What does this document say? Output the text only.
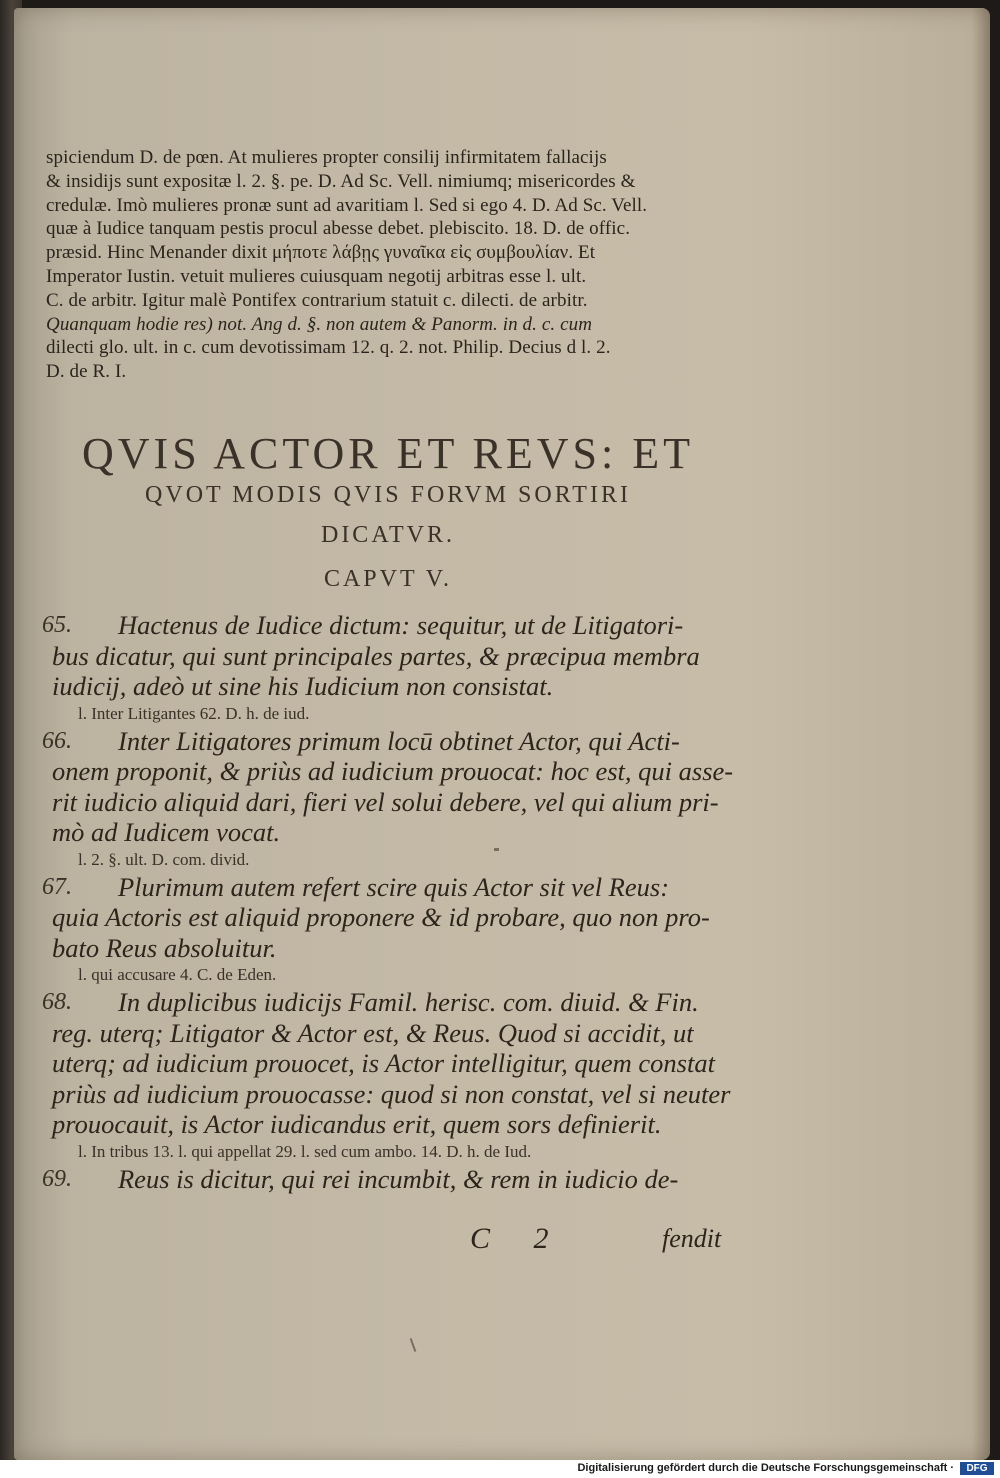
spiciendum D. de pœn. At mulieres propter consilij infirmitatem fallacijs
& insidijs sunt expositæ l. 2. §. pe. D. Ad Sc. Vell. nimiumq; misericordes &
credulæ. Imò mulieres pronæ sunt ad avaritiam l. Sed si ego 4. D. Ad Sc. Vell.
quæ à Iudice tanquam pestis procul abesse debet. plebiscito. 18. D. de offic.
præsid. Hinc Menander dixit μήποτε λάβῃς γυναῖκα εἰς συμβουλίαν. Et
Imperator Iustin. vetuit mulieres cuiusquam negotij arbitras esse l. ult.
C. de arbitr. Igitur malè Pontifex contrarium statuit c. dilecti. de arbitr.
Quanquam hodie res) not. Ang d. §. non autem & Panorm. in d. c. cum
dilecti glo. ult. in c. cum devotissimam 12. q. 2. not. Philip. Decius d l. 2.
D. de R. I.
QVIS ACTOR ET REVS: ET
QVOT MODIS QVIS FORVM SORTIRI
DICATVR.
CAPVT V.
65. Hactenus de Iudice dictum: sequitur, ut de Litigatori-
bus dicatur, qui sunt principales partes, & præcipua membra
iudicij, adeò ut sine his Iudicium non consistat.
l. Inter Litigantes 62. D. h. de iud.
66. Inter Litigatores primum locū obtinet Actor, qui Acti-
onem proponit, & priùs ad iudicium prouocat: hoc est, qui asse-
rit iudicio aliquid dari, fieri vel solui debere, vel qui alium pri-
mò ad Iudicem vocat.
l. 2. §. ult. D. com. divid.
67. Plurimum autem refert scire quis Actor sit vel Reus:
quia Actoris est aliquid proponere & id probare, quo non pro-
bato Reus absoluitur.
l. qui accusare 4. C. de Eden.
68. In duplicibus iudicijs Famil. herisc. com. diuid. & Fin.
reg. uterq; Litigator & Actor est, & Reus. Quod si accidit, ut
uterq; ad iudicium prouocet, is Actor intelligitur, quem constat
priùs ad iudicium prouocasse: quod si non constat, vel si neuter
prouocauit, is Actor iudicandus erit, quem sors definierit.
l. In tribus 13. l. qui appellat 29. l. sed cum ambo. 14. D. h. de Iud.
69. Reus is dicitur, qui rei incumbit, & rem in iudicio de-
C 2	fendit
Digitalisierung gefördert durch die Deutsche Forschungsgemeinschaft ·	DFG
